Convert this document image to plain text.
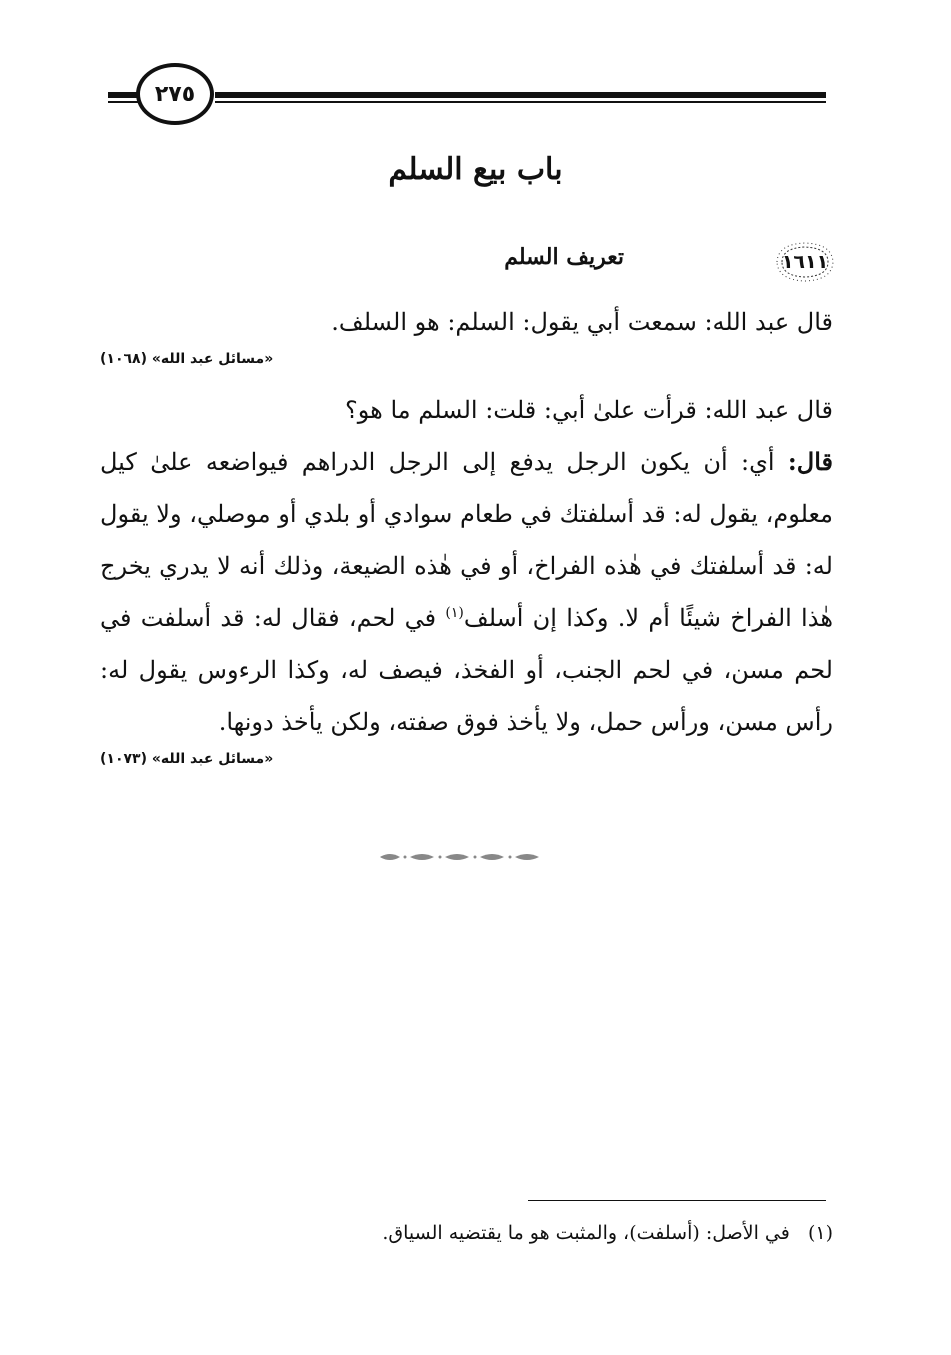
٢٧٥
باب بيع السلم
١٦١١
تعريف السلم

قال عبد الله: سمعت أبي يقول: السلم: هو السلف.

«مسائل عبد الله» (١٠٦٨)

قال عبد الله: قرأت علىٰ أبي: قلت: السلم ما هو؟

قال: أي: أن يكون الرجل يدفع إلى الرجل الدراهم فيواضعه علىٰ كيل معلوم، يقول له: قد أسلفتك في طعام سوادي أو بلدي أو موصلي، ولا يقول له: قد أسلفتك في هٰذه الفراخ، أو في هٰذه الضيعة، وذلك أنه لا يدري يخرج هٰذا الفراخ شيئًا أم لا. وكذا إن أسلف$^{(١)}$ في لحم، فقال له: قد أسلفت في لحم مسن، في لحم الجنب، أو الفخذ، فيصف له، وكذا الرءوس يقول له: رأس مسن، ورأس حمل، ولا يأخذ فوق صفته، ولكن يأخذ دونها.

«مسائل عبد الله» (١٠٧٣)

(١)   في الأصل: (أسلفت)، والمثبت هو ما يقتضيه السياق.
